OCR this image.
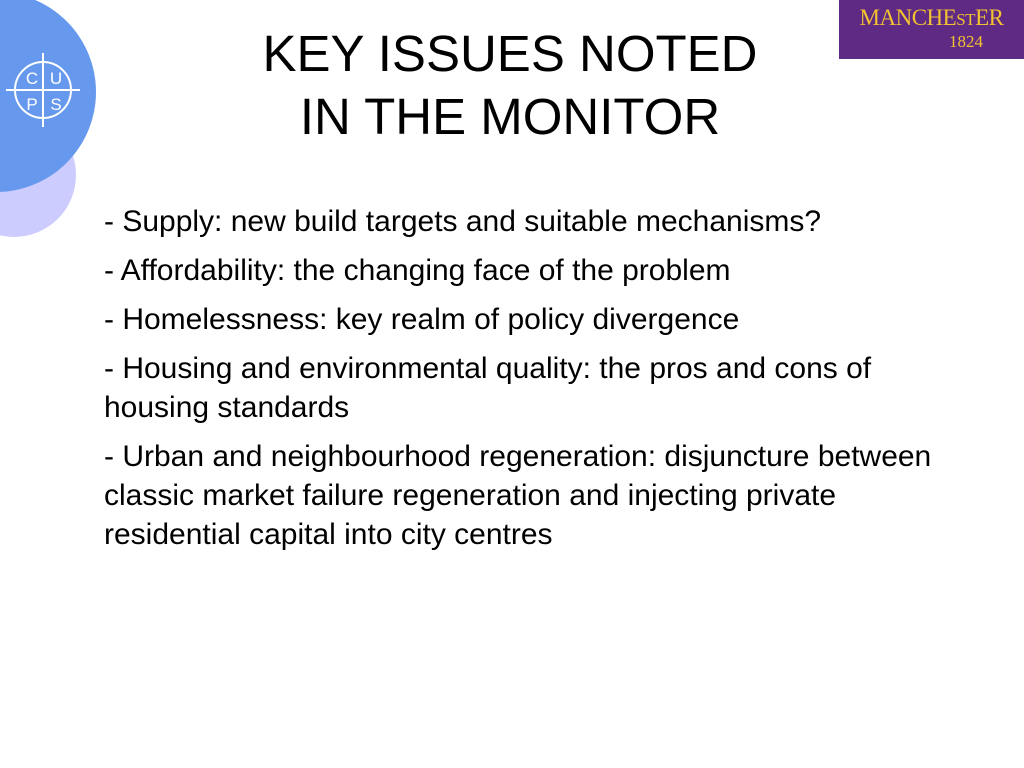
C U
P S
MANCHESTER
1824
KEY ISSUES NOTED
IN THE MONITOR
- Supply: new build targets and suitable mechanisms?
- Affordability: the changing face of the problem
- Homelessness: key realm of policy divergence
- Housing and environmental quality: the pros and cons of housing standards
- Urban and neighbourhood regeneration: disjuncture between classic market failure regeneration and injecting private residential capital into city centres
